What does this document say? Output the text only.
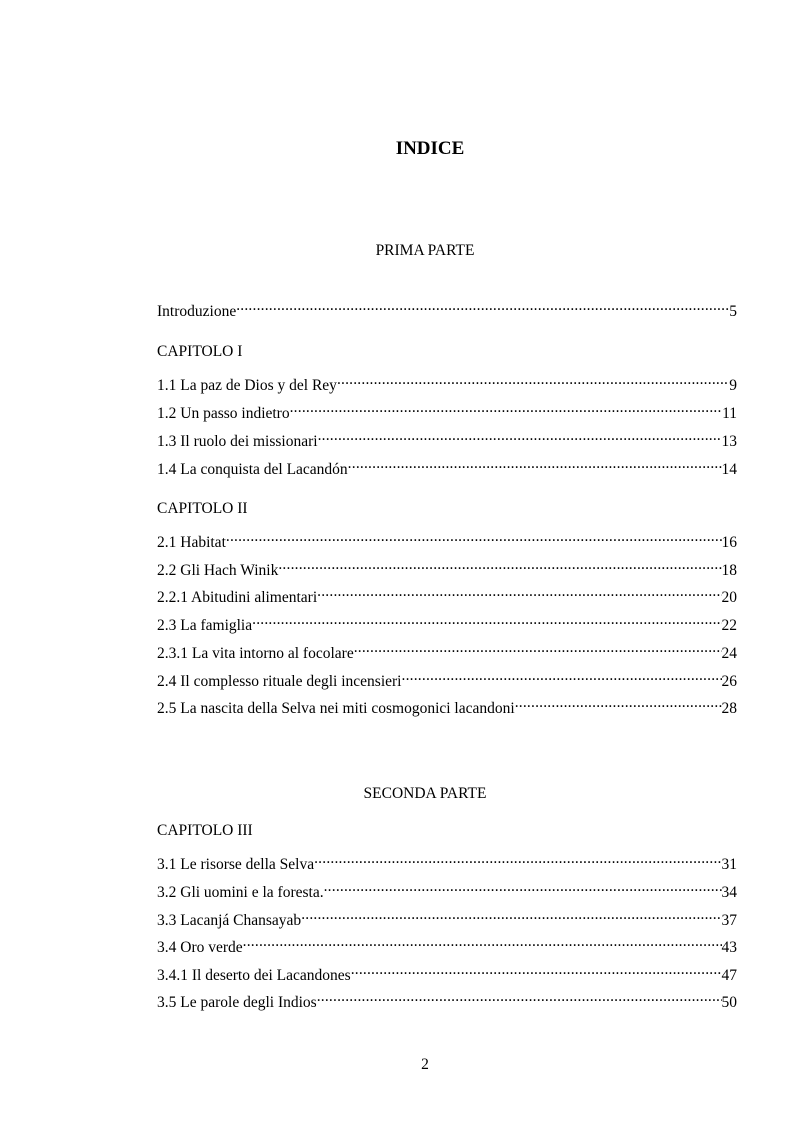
INDICE

PRIMA PARTE

Introduzione .....	5

CAPITOLO I

1.1 La paz de Dios y del Rey .....	9
1.2 Un passo indietro .....	11
1.3 Il ruolo dei missionari .....	13
1.4 La conquista del Lacandón .....	14

CAPITOLO II

2.1 Habitat .....	16
2.2 Gli Hach Winik .....	18
2.2.1 Abitudini alimentari .....	20
2.3 La famiglia .....	22
2.3.1 La vita intorno al focolare .....	24
2.4 Il complesso rituale degli incensieri .....	26
2.5 La nascita della Selva nei miti cosmogonici lacandoni .....	28

SECONDA PARTE

CAPITOLO III

3.1 Le risorse della Selva .....	31
3.2 Gli uomini e la foresta. .....	34
3.3 Lacanjá Chansayab .....	37
3.4 Oro verde .....	43
3.4.1 Il deserto dei Lacandones .....	47
3.5 Le parole degli Indios .....	50

2
